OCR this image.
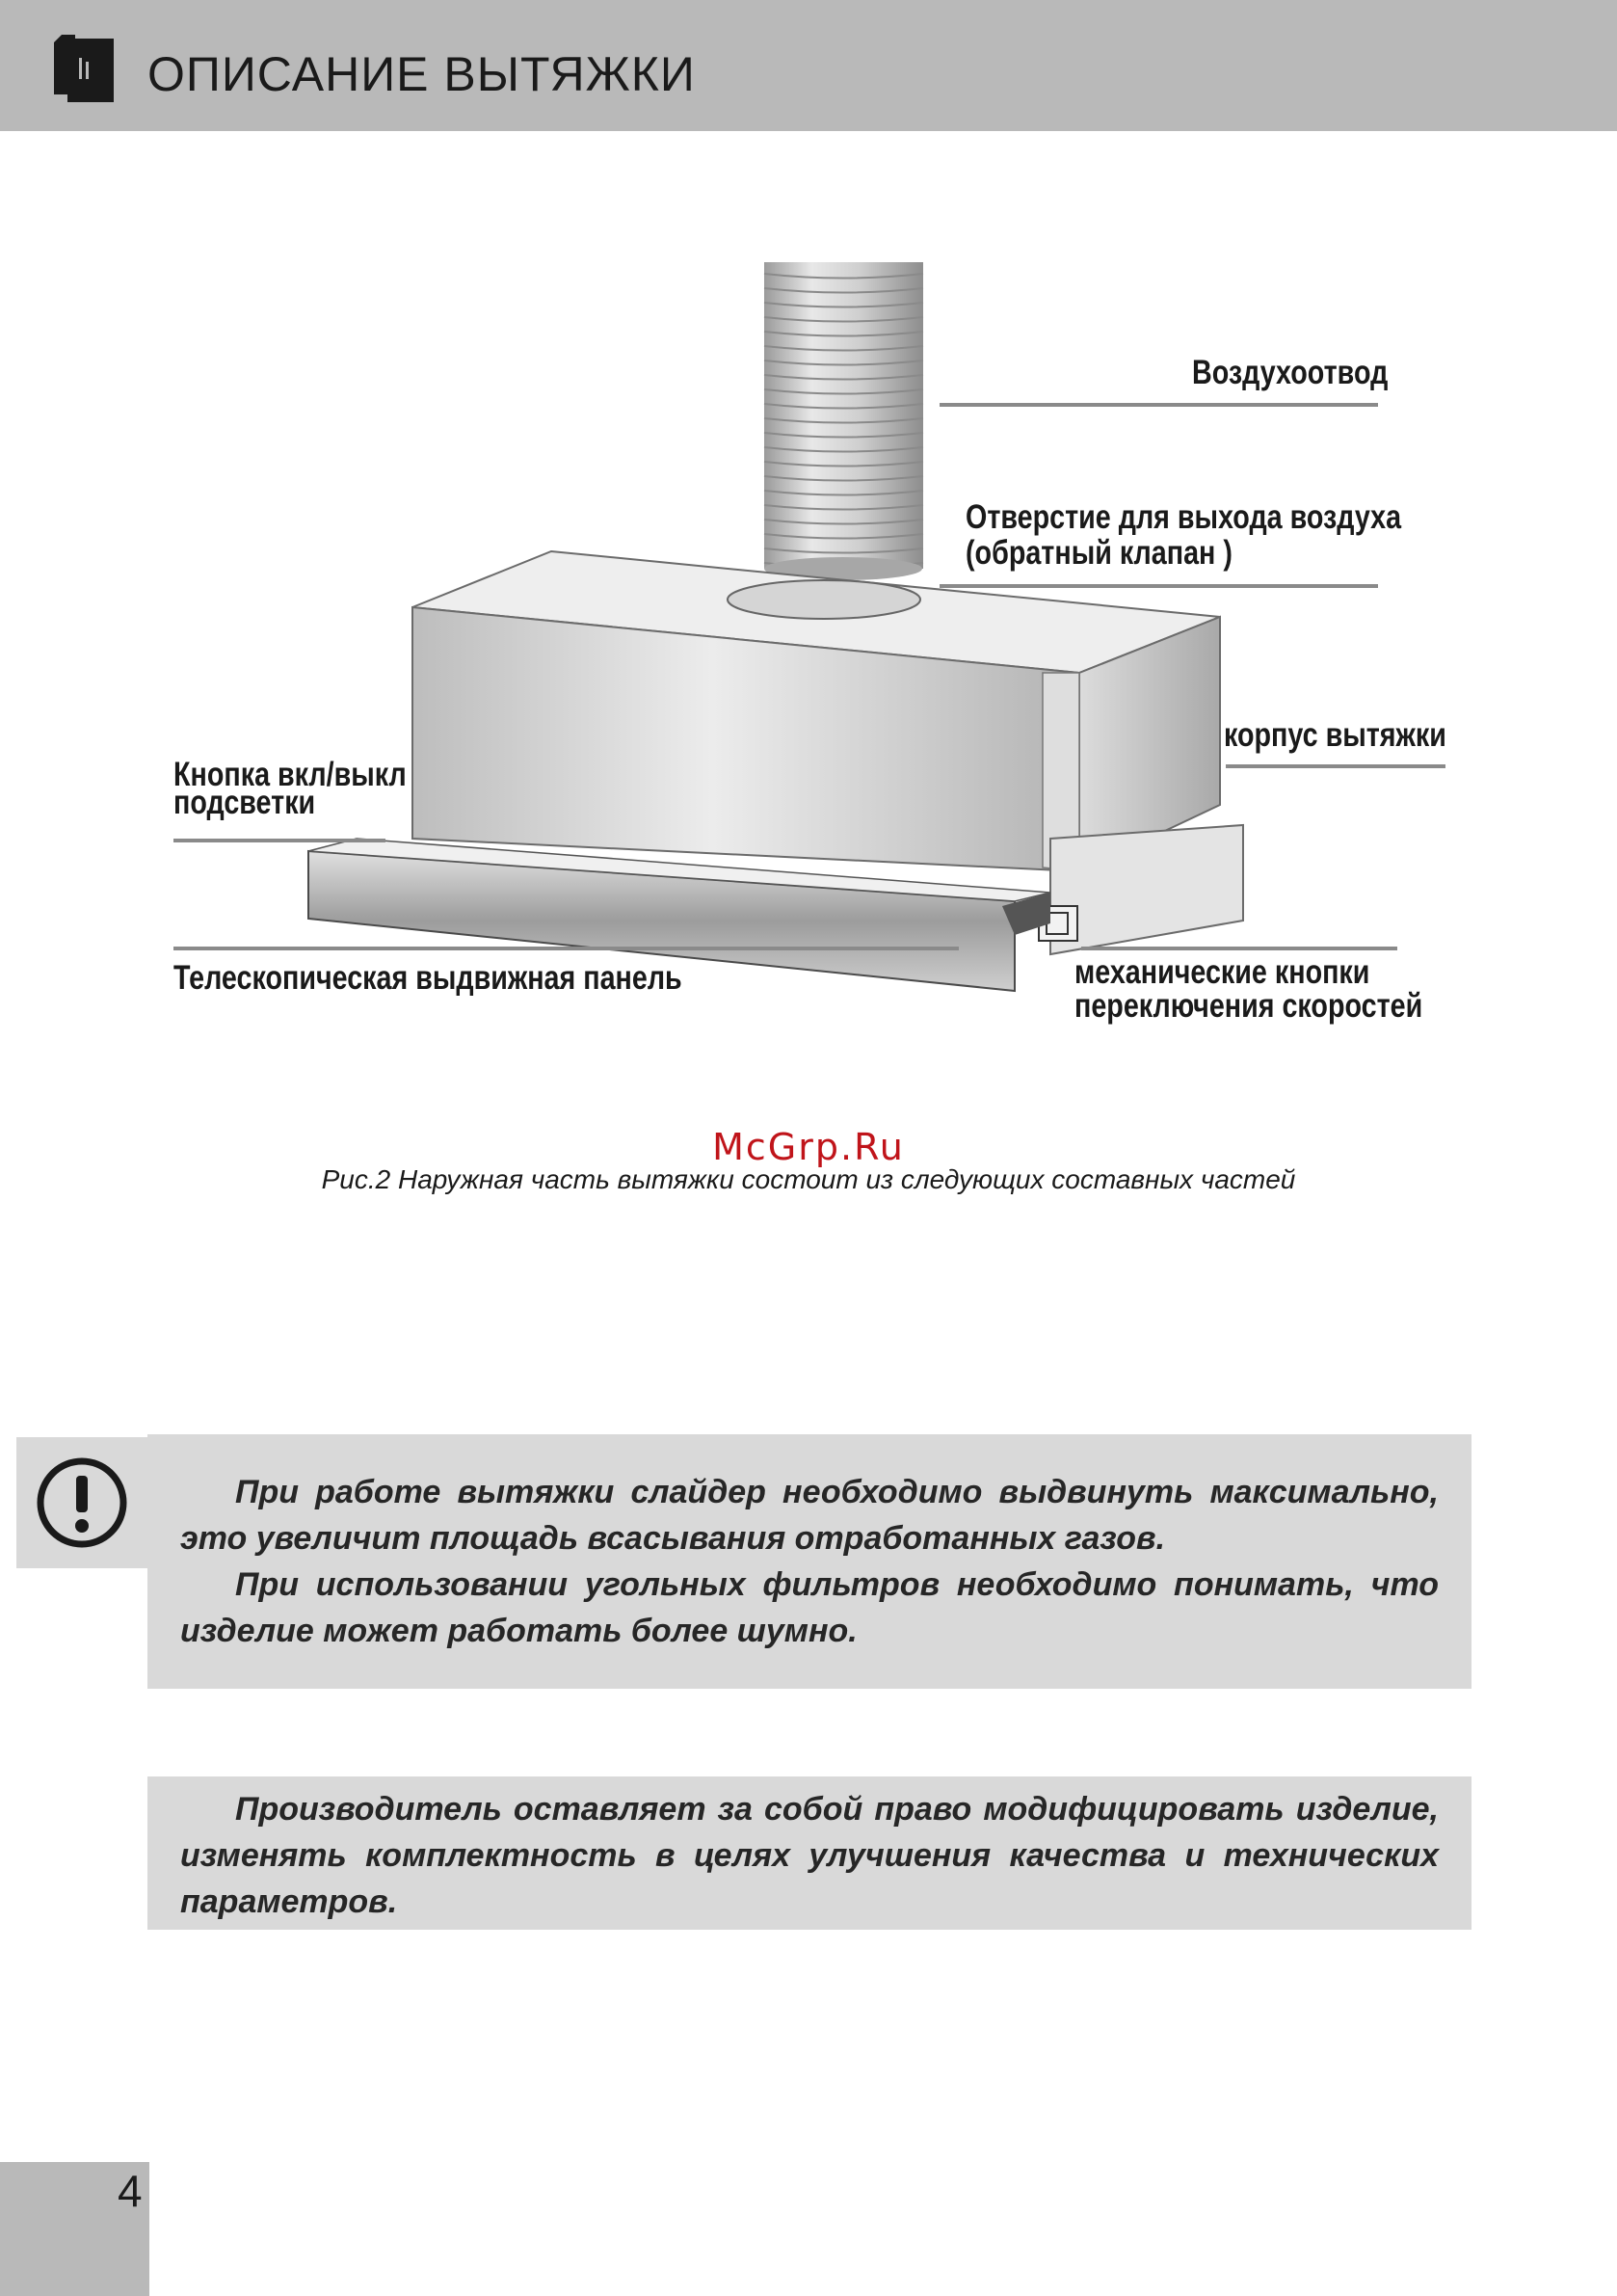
ОПИСАНИЕ ВЫТЯЖКИ
Воздухоотвод
Отверстие для выхода воздуха
(обратный клапан )
корпус вытяжки
Кнопка вкл/выкл
подсветки
Телескопическая выдвижная панель	механические кнопки
переключения скоростей
McGrp.Ru
Рис.2 Наружная часть вытяжки состоит из следующих составных частей

При работе вытяжки слайдер необходимо выдвинуть максимально, это увеличит площадь всасывания отработанных газов.

При использовании угольных фильтров необходимо понимать, что изделие может работать более шумно.

Производитель оставляет за собой право модифицировать изделие, изменять комплектность в целях улучшения качества и технических параметров.

4
